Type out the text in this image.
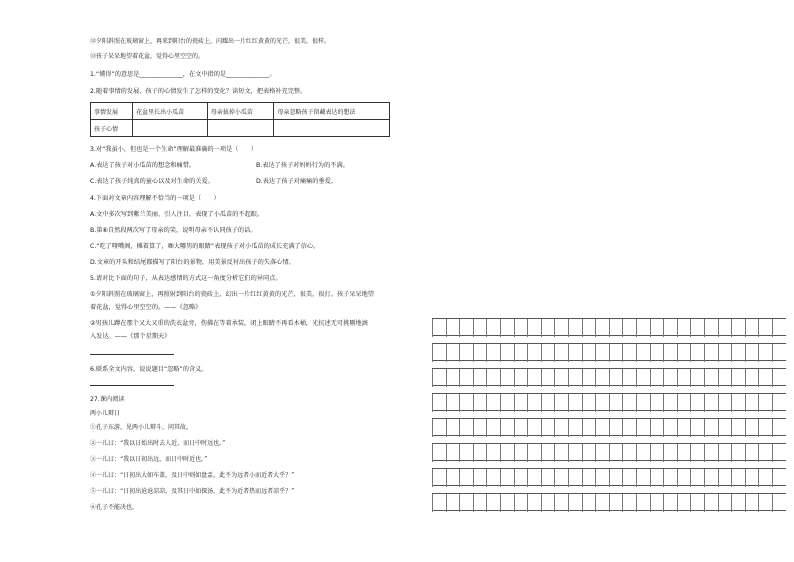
⑫夕阳斜照在玻璃窗上，再来到阳台的瓷砖上，闪耀出一片红红黄黄的光芒，很美，很样。
⑬孩子呆呆地望着花盆，觉得心里空空的。
1.“懂得”的意思是______________，在文中指的是______________。
2.随着事情的发展，孩子的心情发生了怎样的变化？读短文，把表格补充完整。
事情发展	花盆里长出小瓜苗	母亲拔掉小瓜苗	母亲忽略孩子留藏表达的想法
孩子心情			
3.对“我虽小，但也是一个生命”理解最准确的一项是（　　）
A.表达了孩子对小瓜苗的想念和痛惜。	B.表达了孩子对妈妈行为的不满。
C.表达了孩子纯真的童心以及对生命的关爱。	D.表达了孩子对痛痛的垂爱。
4.下面对文章内容理解不恰当的一项是（　　）
A.文中多次写到紫兰美丽、引人注目，表现了小瓜苗的不起眼。
B.第⑥自然段两次写了母亲的笑，说明母亲不认同孩子的话。
C.“吃了哑嘴阁，摊着算了，咖大哪男的眼睛”表现孩子对小瓜苗的成长充满了信心。
D.文章的开头和结尾都描写了阳台的景物，用美景反衬出孩子的失落心情。
5.请对比下面的句子，从表达感情的方式这一角度分析它们的异同点。
①夕阳斜照在玻璃窗上，再照射到阳台的瓷砖上，幻出一片红红黄黄的光芒，很美，很打。孩子呆呆地望
着花盆，觉得心里空空的。——《忽略》
②男孩儿蹲在那个又大又重的洗衣盆旁，伤佛在等着承装，闭上眼睛不再看木桶，光抗述无可挑剔地滴
入发达。——《那个星期天》
6.联系全文内容，说说题目“忽略”的含义。
27.课内阅读
两小儿辩日
①孔子东游，见两小儿辩斗，问其故。
②一儿曰：“我以日始出时去人近，而日中时远也。”
③一儿曰：“我以日初出远，而日中时近也。”
④一儿曰：“日初出大如车盖，及日中则如盘盂，此不为远者小而近者大乎？”
⑤一儿曰：“日初出沧沧凉凉，及其日中如探汤，此不为近者热而远者凉乎？”
⑥孔子不能决也。
